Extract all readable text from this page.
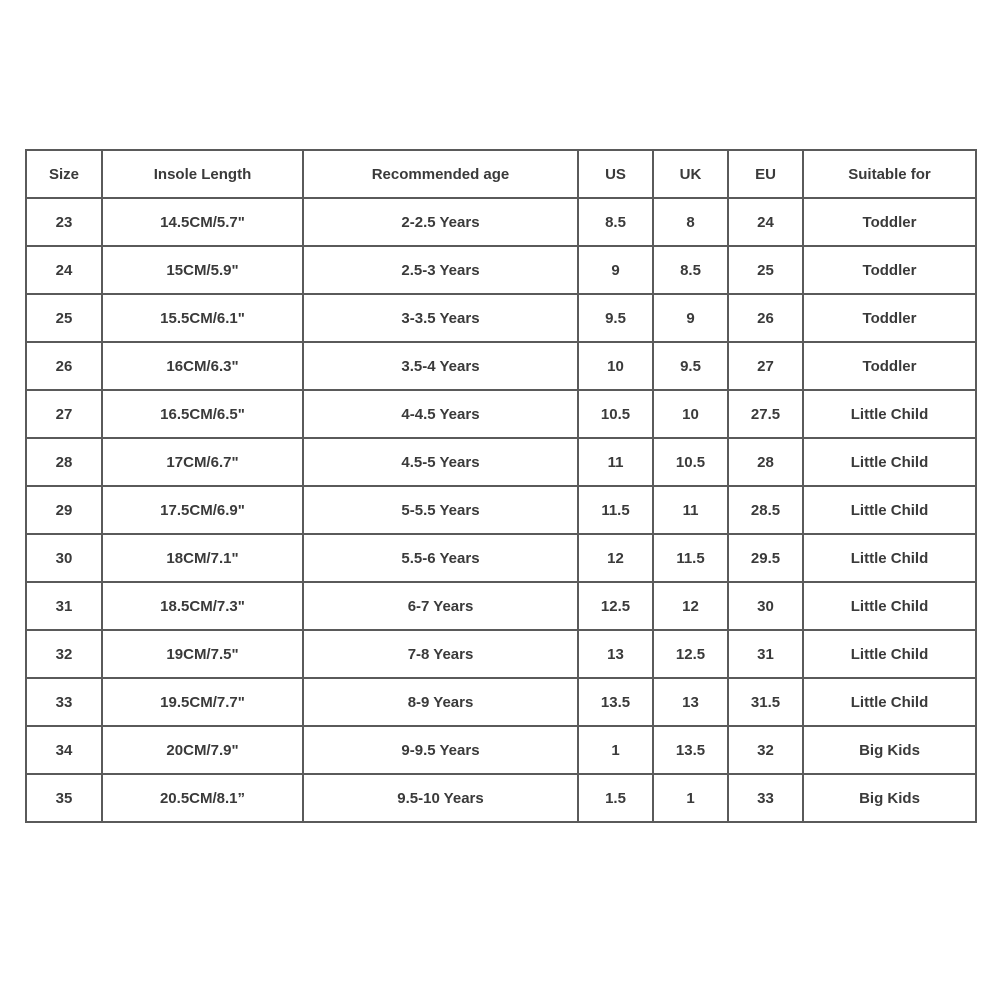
Size	Insole Length	Recommended age	US	UK	EU	Suitable for
23	14.5CM/5.7"	2-2.5 Years	8.5	8	24	Toddler
24	15CM/5.9"	2.5-3 Years	9	8.5	25	Toddler
25	15.5CM/6.1"	3-3.5 Years	9.5	9	26	Toddler
26	16CM/6.3"	3.5-4 Years	10	9.5	27	Toddler
27	16.5CM/6.5"	4-4.5 Years	10.5	10	27.5	Little Child
28	17CM/6.7"	4.5-5 Years	11	10.5	28	Little Child
29	17.5CM/6.9"	5-5.5 Years	11.5	11	28.5	Little Child
30	18CM/7.1"	5.5-6 Years	12	11.5	29.5	Little Child
31	18.5CM/7.3"	6-7 Years	12.5	12	30	Little Child
32	19CM/7.5"	7-8 Years	13	12.5	31	Little Child
33	19.5CM/7.7"	8-9 Years	13.5	13	31.5	Little Child
34	20CM/7.9"	9-9.5 Years	1	13.5	32	Big Kids
35	20.5CM/8.1”	9.5-10 Years	1.5	1	33	Big Kids
